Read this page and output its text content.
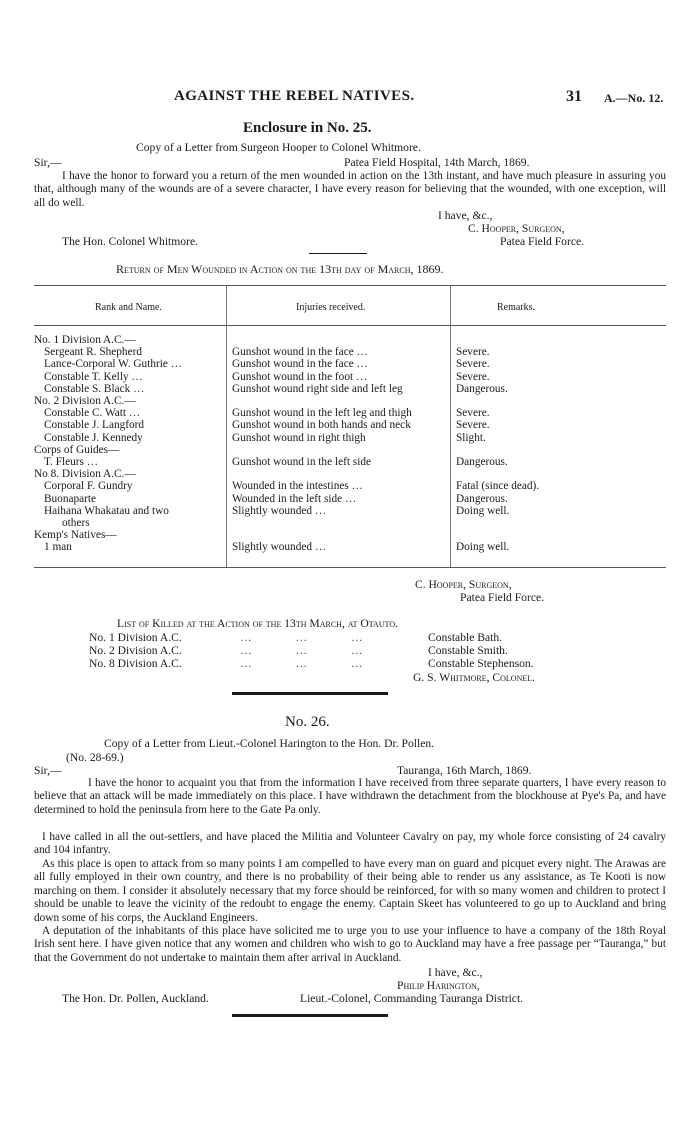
AGAINST THE REBEL NATIVES.	31 A.—No. 12.
Enclosure in No. 25.
Copy of a Letter from Surgeon Hooper to Colonel Whitmore.
Sir,—	Patea Field Hospital, 14th March, 1869.
I have the honor to forward you a return of the men wounded in action on the 13th instant, and have much pleasure in assuring you that, although many of the wounds are of a severe character, I have every reason for believing that the wounded, with one exception, will all do well.
I have, &c.,
C. Hooper, Surgeon,
Patea Field Force.
The Hon. Colonel Whitmore.
Return of Men Wounded in Action on the 13th day of March, 1869.
Rank and Name.	Injuries received.	Remarks.
No. 1 Division A.C.—
Sergeant R. Shepherd	Gunshot wound in the face …	Severe.
Lance-Corporal W. Guthrie …	Gunshot wound in the face …	Severe.
Constable T. Kelly …	Gunshot wound in the foot …	Severe.
Constable S. Black …	Gunshot wound right side and left leg	Dangerous.
No. 2 Division A.C.—
Constable C. Watt …	Gunshot wound in the left leg and thigh	Severe.
Constable J. Langford	Gunshot wound in both hands and neck	Severe.
Constable J. Kennedy	Gunshot wound in right thigh	Slight.
Corps of Guides—
T. Fleurs …	Gunshot wound in the left side	Dangerous.
No 8. Division A.C.—
Corporal F. Gundry	Wounded in the intestines …	Fatal (since dead).
Buonaparte	Wounded in the left side …	Dangerous.
Haihana Whakatau and two	Slightly wounded …	Doing well.
others
Kemp's Natives—
1 man	Slightly wounded …	Doing well.
C. Hooper, Surgeon,
Patea Field Force.
List of Killed at the Action of the 13th March, at Otauto.
No. 1 Division A.C.	…           …           …	Constable Bath.
No. 2 Division A.C.	…           …           …	Constable Smith.
No. 8 Division A.C.	…           …           …	Constable Stephenson.
G. S. Whitmore, Colonel.
No. 26.
Copy of a Letter from Lieut.-Colonel Harington to the Hon. Dr. Pollen.
(No. 28-69.)
Sir,—	Tauranga, 16th March, 1869.
I have the honor to acquaint you that from the information I have received from three separate quarters, I have every reason to believe that an attack will be made immediately on this place. I have withdrawn the detachment from the blockhouse at Pye's Pa, and have determined to hold the peninsula from here to the Gate Pa only.
I have called in all the out-settlers, and have placed the Militia and Volunteer Cavalry on pay, my whole force consisting of 24 cavalry and 104 infantry.
As this place is open to attack from so many points I am compelled to have every man on guard and picquet every night. The Arawas are all fully employed in their own country, and there is no probability of their being able to render us any assistance, as Te Kooti is now marching on them. I consider it absolutely necessary that my force should be reinforced, for with so many women and children to protect I should be unable to leave the vicinity of the redoubt to engage the enemy. Captain Skeet has volunteered to go up to Auckland and bring down some of his corps, the Auckland Engineers.
A deputation of the inhabitants of this place have solicited me to urge you to use your influence to have a company of the 18th Royal Irish sent here. I have given notice that any women and children who wish to go to Auckland may have a free passage per “Tauranga,” but that the Government do not undertake to maintain them after arrival in Auckland.
I have, &c.,
Philip Harington,
Lieut.-Colonel, Commanding Tauranga District.
The Hon. Dr. Pollen, Auckland.
